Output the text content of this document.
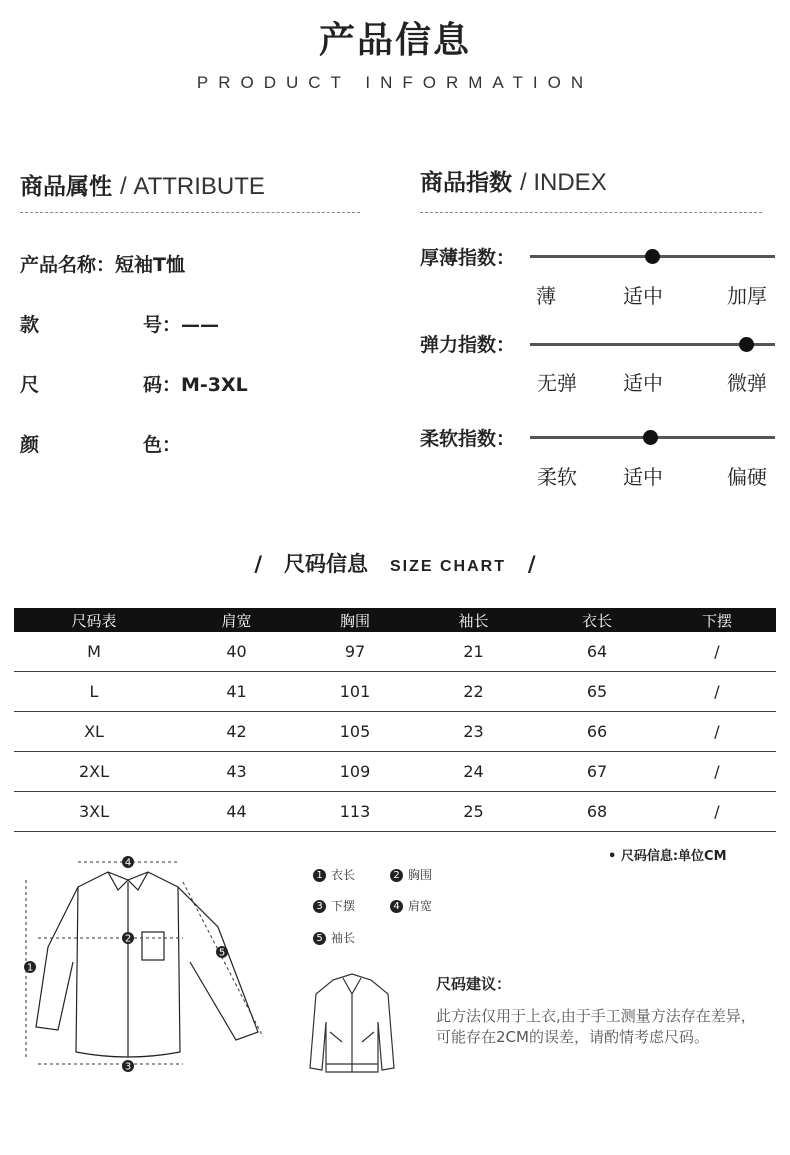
产品信息
PRODUCT INFORMATION
商品属性 / ATTRIBUTE
产品名称：短袖T恤
款	号：——
尺	码：M-3XL
颜	色：
商品指数 / INDEX
厚薄指数：
薄	适中	加厚
弹力指数：
无弹	适中	微弹
柔软指数：
柔软	适中	偏硬
/ 尺码信息 SIZE CHART /
尺码表	肩宽	胸围	袖长	衣长	下摆
M	40	97	21	64	/
L	41	101	22	65	/
XL	42	105	23	66	/
2XL	43	109	24	67	/
3XL	44	113	25	68	/
• 尺码信息:单位CM
4
1
2
3
5
1 衣长	2 胸围
3 下摆	4 肩宽
5 袖长
尺码建议：
此方法仅用于上衣,由于手工测量方法存在差异，可能存在2CM的误差，请酌情考虑尺码。
